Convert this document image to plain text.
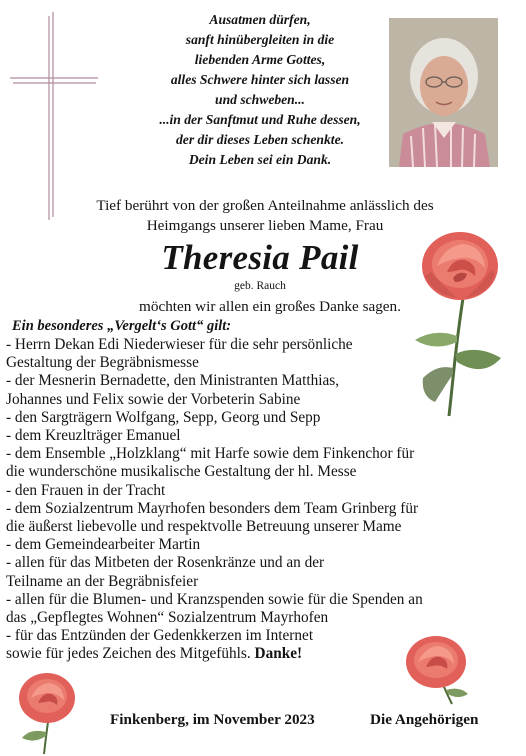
Ausatmen dürfen,
sanft hinübergleiten in die
liebenden Arme Gottes,
alles Schwere hinter sich lassen
und schweben...
...in der Sanftmut und Ruhe dessen,
der dir dieses Leben schenkte.
Dein Leben sei ein Dank.
Tief berührt von der großen Anteilnahme anlässlich des
Heimgangs unserer lieben Mame, Frau
Theresia Pail
geb. Rauch
möchten wir allen ein großes Danke sagen.
Ein besonderes „Vergelt‘s Gott“ gilt:
- Herrn Dekan Edi Niederwieser für die sehr persönliche
Gestaltung der Begräbnismesse
- der Mesnerin Bernadette, den Ministranten Matthias,
Johannes und Felix sowie der Vorbeterin Sabine
- den Sargträgern Wolfgang, Sepp, Georg und Sepp
- dem Kreuzlträger Emanuel
- dem Ensemble „Holzklang“ mit Harfe sowie dem Finkenchor für
die wunderschöne musikalische Gestaltung der hl. Messe
- den Frauen in der Tracht
- dem Sozialzentrum Mayrhofen besonders dem Team Grinberg für
die äußerst liebevolle und respektvolle Betreuung unserer Mame
- dem Gemeindearbeiter Martin
- allen für das Mitbeten der Rosenkränze und an der
Teilname an der Begräbnisfeier
- allen für die Blumen- und Kranzspenden sowie für die Spenden an
das „Gepflegtes Wohnen“ Sozialzentrum Mayrhofen
- für das Entzünden der Gedenkkerzen im Internet
sowie für jedes Zeichen des Mitgefühls. Danke!
Finkenberg, im November 2023	Die Angehörigen
